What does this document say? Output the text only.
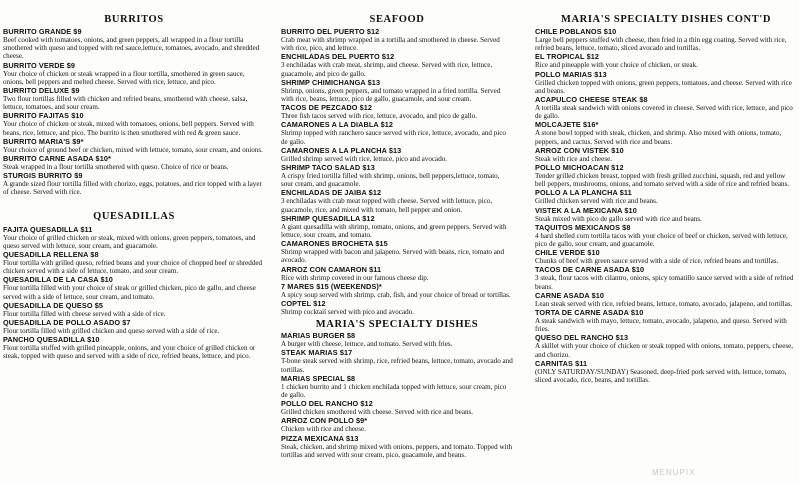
BURRITOS
BURRITO GRANDE $9
Beef cooked with tomatoes, onions, and green peppers, all wrapped in a flour tortilla smothered with queso and topped with red sauce,lettuce, tomatoes, avocado, and shredded cheese.
BURRITO VERDE $9
Your choice of chicken or steak wrapped in a flour tortilla, smothered in green sauce, onions, bell peppers and melted cheese. Served with rice, lettuce, and pico.
BURRITO DELUXE $9
Two flour tortillas filled with chicken and refried beans, smothered with cheese, salsa, lettuce, tomatoes, and sour cream.
BURRITO FAJITAS $10
Your choice of chicken or steak, mixed with tomatoes, onions, bell peppers. Served with beans, rice, lettuce, and pico. The burrito is then smothered with red & green sauce.
BURRITO MARIA'S $9*
Your choice of ground beef or chicken, mixed with lettuce, tomato, sour cream, and onions.
BURRITO CARNE ASADA $10*
Steak wrapped in a flour tortilla smothered with queso. Choice of rice or beans.
STURGIS BURRITO $9
A grande sized flour tortilla filled with chorizo, eggs, potatoes, and rice topped with a layer of cheese. Served with rice.
QUESADILLAS
FAJITA QUESADILLA $11
Your choice of grilled chicken or steak, mixed with onions, green peppers, tomatoes, and queso served with lettuce, sour cream, and guacamole.
QUESADILLA RELLENA $8
Flour tortilla with grilled queso, refried beans and your choice of chopped beef or shredded chicken served with a side of lettuce, tomato, and sour cream.
QUESADILLA DE LA CASA $10
Flour tortilla filled with your choice of steak or grilled chicken, pico de gallo, and cheese served with a side of lettuce, sour cream, and tomato.
QUESADILLA DE QUESO $5
Flour tortilla filled with cheese served with a side of rice.
QUESADILLA DE POLLO ASADO $7
Flour tortilla filled with grilled chicken and queso served with a side of rice.
PANCHO QUESADILLA $10
Flour tortilla stuffed with grilled pineapple, onions, and your choice of grilled chicken or steak, topped with queso and served with a side of rice, refried beans, lettuce, and pico.
SEAFOOD
BURRITO DEL PUERTO $12
Crab meat with shrimp wrapped in a tortilla and smothered in cheese. Served with rice, pico, and lettuce.
ENCHILADAS DEL PUERTO $12
3 enchiladas with crab meat, shrimp, and cheese. Served with rice, lettuce, guacamole, and pico de gallo.
SHRIMP CHIMICHANGA $13
Shrimp, onions, green peppers, and tomato wrapped in a fried tortilla. Served with rice, beans, lettuce, pico de gallo, guacamole, and sour cream.
TACOS DE PEZCADO $12
Three fish tacos served with rice, lettuce, avocado, and pico de gallo.
CAMARONES A LA DIABLA $12
Shrimp topped with ranchero sauce served with rice, lettuce, avocado, and pico de gallo.
CAMARONES A LA PLANCHA $13
Grilled shrimp served with rice, lettuce, pico and avocado.
SHRIMP TACO SALAD $13
A crispy fried tortilla filled with shrimp, onions, bell peppers,lettuce, tomato, sour cream, and guacamole.
ENCHILADAS DE JAIBA $12
3 enchiladas with crab meat topped with cheese. Served with lettuce, pico, guacamole, rice, and mixed with tomato, bell pepper and onion.
SHRIMP QUESADILLA $12
A giant quesadilla with shrimp, tomato, onions, and green peppers. Served with lettuce, sour cream, and tomato.
CAMARONES BROCHETA $15
Shrimp wrapped with bacon and jalapeno. Served with beans, rice, tomato and avocado.
ARROZ CON CAMARON $11
Rice with shrimp covered in our famous cheese dip.
7 MARES $15 (WEEKENDS)*
A spicy soup served with shrimp, crab, fish, and your choice of bread or tortillas.
COPTEL $12
Shrimp cocktail served with pico and avocado.
MARIA'S SPECIALTY DISHES
MARIAS BURGER $8
A burger with cheese, lettuce, and tomato. Served with fries.
STEAK MARIAS $17
T-bone steak served with shrimp, rice, refried beans, lettuce, tomato, avocado and tortillas.
MARIAS SPECIAL $8
1 chicken burrito and 1 chicken enchilada topped with lettuce, sour cream, pico de gallo.
POLLO DEL RANCHO $12
Grilled chicken smothered with cheese. Served with rice and beans.
ARROZ CON POLLO $9*
Chicken with rice and cheese.
PIZZA MEXICANA $13
Steak, chicken, and shrimp mixed with onions, peppers, and tomato. Topped with tortillas and served with sour cream, pico, guacamole, and beans.
MARIA'S SPECIALTY DISHES CONT'D
CHILE POBLANOS $10
Large bell peppers stuffed with cheese, then fried in a thin egg coating. Served with rice, refried beans, lettuce, tomato, sliced avocado and tortillas.
EL TROPICAL $12
Rice and pineapple with your choice of chicken, or steak.
POLLO MARIAS $13
Grilled chicken topped with onions, green peppers, tomatoes, and cheese. Served with rice and beans.
ACAPULCO CHEESE STEAK $8
A tortilla steak sandwich with onions covered in cheese. Served with rice, lettuce, and pico de gallo.
MOLCAJETE $16*
A stone bowl topped with steak, chicken, and shrimp. Also mixed with onions, tomato, peppers, and cactus. Served with rice and beans.
ARROZ CON VISTEK $10
Steak with rice and cheese.
POLLO MICHOACAN $12
Tender grilled chicken breast, topped with fresh grilled zucchini, squash, red and yellow bell peppers, mushrooms, onions, and tomato served with a side of rice and refried beans.
POLLO A LA PLANCHA $11
Grilled chicken served with rice and beans.
VISTEK A LA MEXICANA $10
Steak mixed with pico de gallo served with rice and beans.
TAQUITOS MEXICANOS $8
4 hard shelled corn tortilla tacos with your choice of beef or chicken, served with lettuce, pico de gallo, sour cream, and guacamole.
CHILE VERDE $10
Chunks of beef with green sauce served with a side of rice, refried beans and tortillas.
TACOS DE CARNE ASADA $10
3 steak, flour tacos with cilantro, onions, spicy tomatillo sauce served with a side of refried beans.
CARNE ASADA $10
Lean steak served with rice, refried beans, lettuce, tomato, avocado, jalapeno, and tortillas.
TORTA DE CARNE ASADA $10
A steak sandwich with mayo, lettuce, tomato, avocado, jalapeno, and queso. Served with fries.
QUESO DEL RANCHO $13
A skillet with your choice of chicken or steak topped with onions, tomato, peppers, cheese, and chorizo.
CARNITAS $11
(ONLY SATURDAY/SUNDAY) Seasoned, deep-fried pork served with, lettuce, tomato, sliced avocado, rice, beans, and tortillas.
MENUPIX
